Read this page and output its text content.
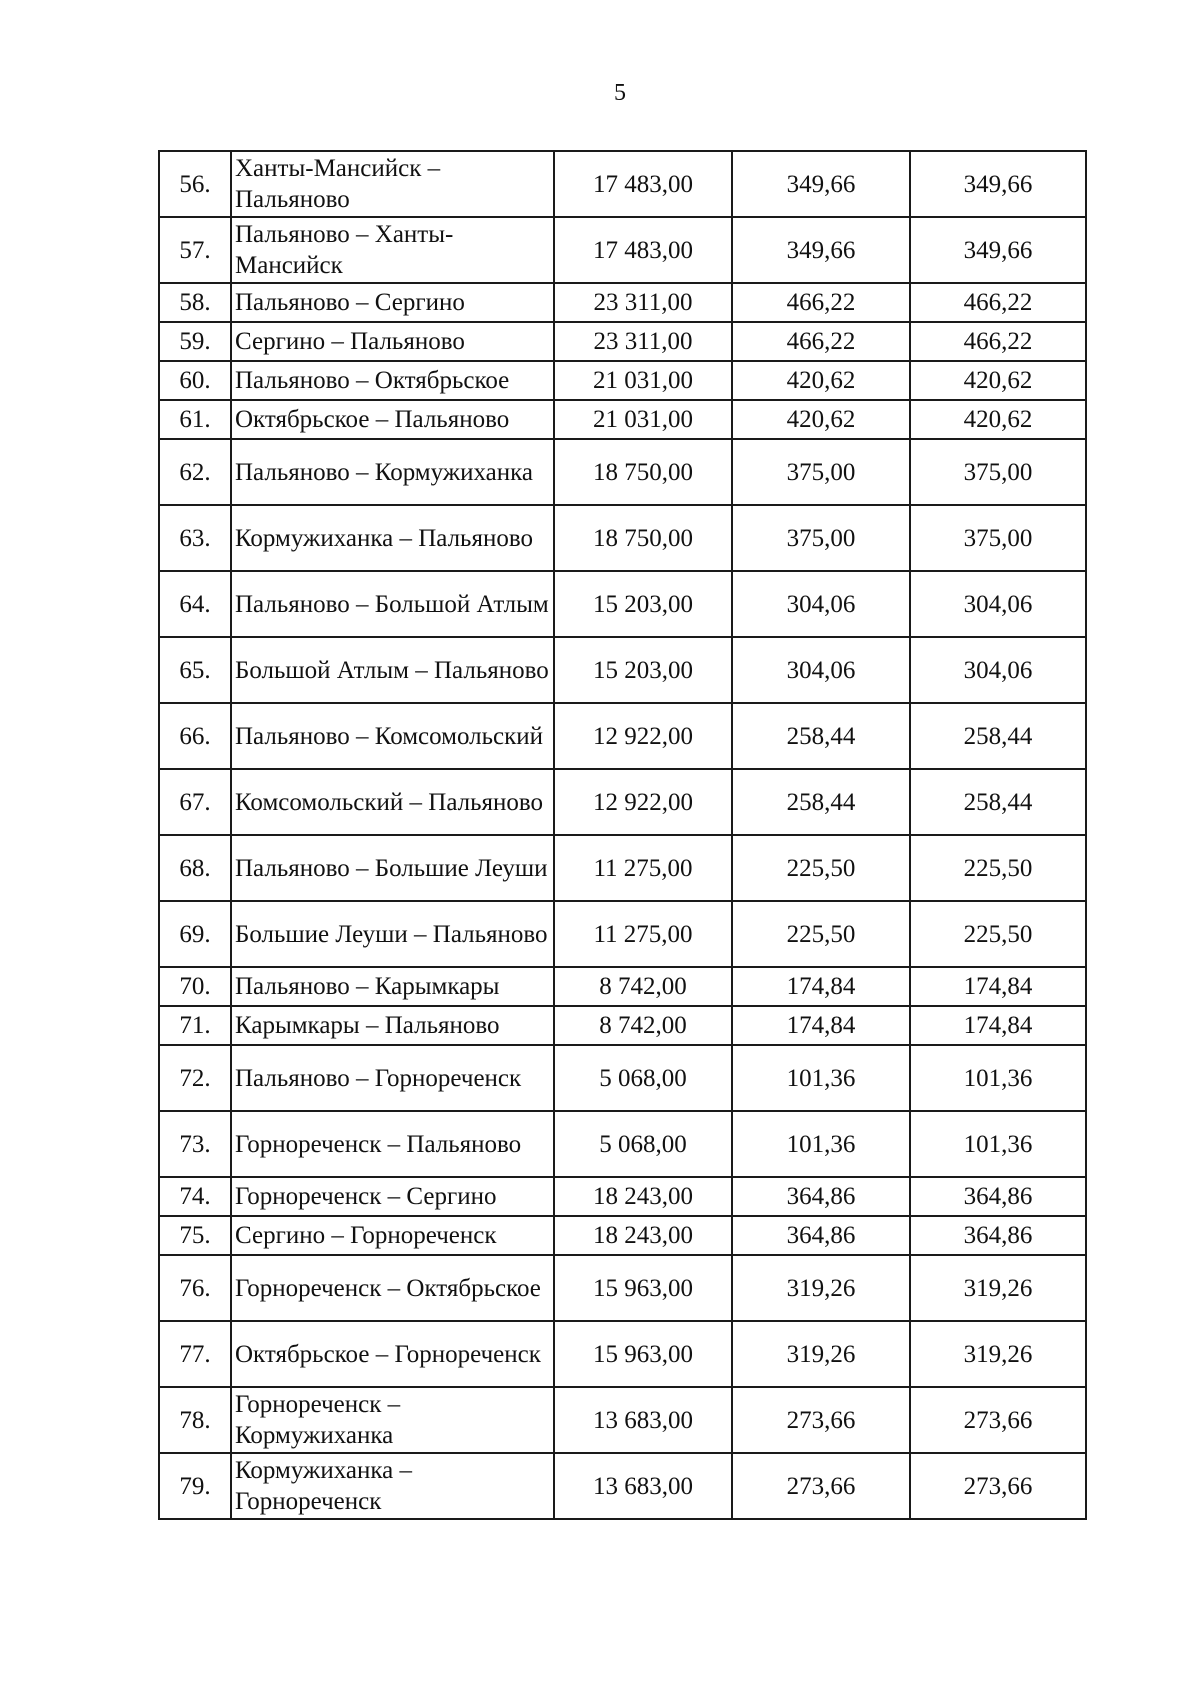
5
56.	Ханты-Мансийск – Пальяново	17 483,00	349,66	349,66
57.	Пальяново – Ханты-Мансийск	17 483,00	349,66	349,66
58.	Пальяново – Сергино	23 311,00	466,22	466,22
59.	Сергино – Пальяново	23 311,00	466,22	466,22
60.	Пальяново – Октябрьское	21 031,00	420,62	420,62
61.	Октябрьское – Пальяново	21 031,00	420,62	420,62
62.	Пальяново – Кормужиханка	18 750,00	375,00	375,00
63.	Кормужиханка – Пальяново	18 750,00	375,00	375,00
64.	Пальяново – Большой Атлым	15 203,00	304,06	304,06
65.	Большой Атлым – Пальяново	15 203,00	304,06	304,06
66.	Пальяново – Комсомольский	12 922,00	258,44	258,44
67.	Комсомольский – Пальяново	12 922,00	258,44	258,44
68.	Пальяново – Большие Леуши	11 275,00	225,50	225,50
69.	Большие Леуши – Пальяново	11 275,00	225,50	225,50
70.	Пальяново – Карымкары	8 742,00	174,84	174,84
71.	Карымкары – Пальяново	8 742,00	174,84	174,84
72.	Пальяново – Горнореченск	5 068,00	101,36	101,36
73.	Горнореченск – Пальяново	5 068,00	101,36	101,36
74.	Горнореченск – Сергино	18 243,00	364,86	364,86
75.	Сергино – Горнореченск	18 243,00	364,86	364,86
76.	Горнореченск – Октябрьское	15 963,00	319,26	319,26
77.	Октябрьское – Горнореченск	15 963,00	319,26	319,26
78.	Горнореченск – Кормужиханка	13 683,00	273,66	273,66
79.	Кормужиханка – Горнореченск	13 683,00	273,66	273,66
